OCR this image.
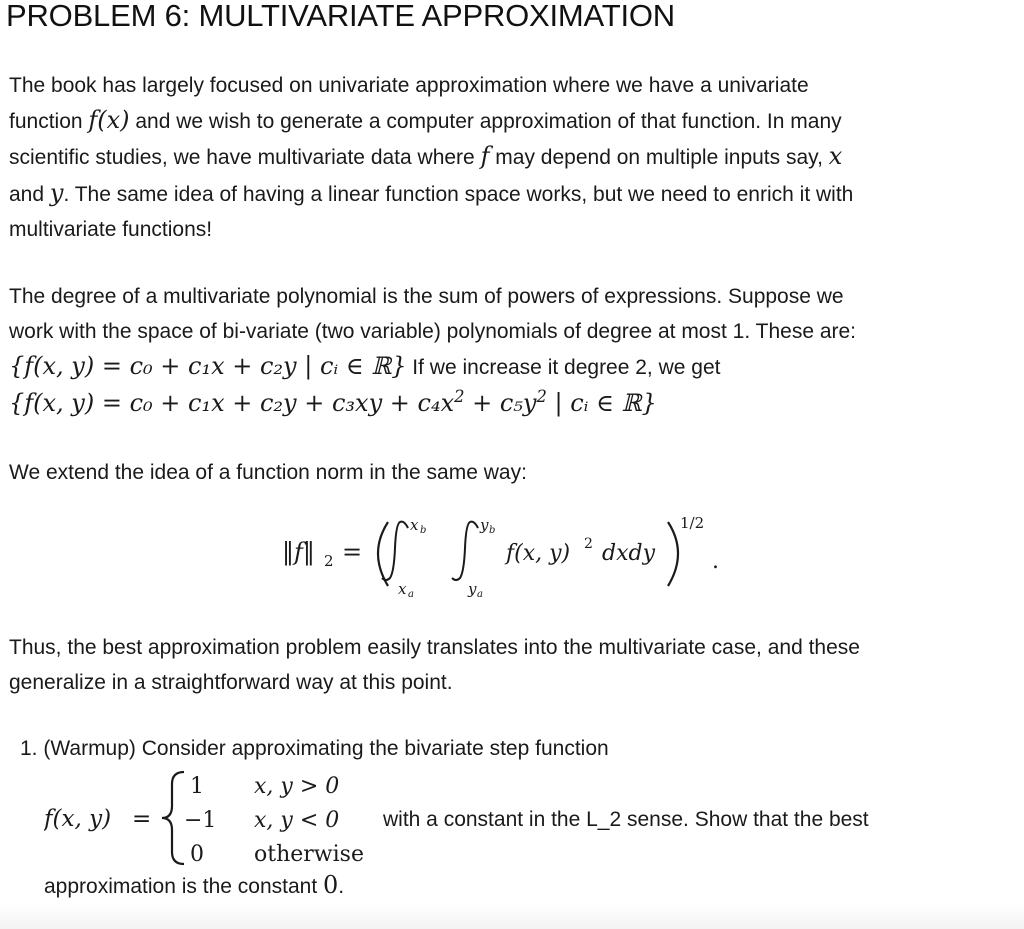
PROBLEM 6: MULTIVARIATE APPROXIMATION
The book has largely focused on univariate approximation where we have a univariate
function f(x) and we wish to generate a computer approximation of that function. In many
scientific studies, we have multivariate data where f may depend on multiple inputs say, x
and y. The same idea of having a linear function space works, but we need to enrich it with
multivariate functions!
The degree of a multivariate polynomial is the sum of powers of expressions. Suppose we
work with the space of bi-variate (two variable) polynomials of degree at most 1. These are:
{f(x, y) = c₀ + c₁x + c₂y | cᵢ ∈ ℝ} If we increase it degree 2, we get
{f(x, $y) = c_0 + c_1x + c_2y + c_3xy + c_4x^2 + c_5y^2$ | cᵢ ∈ ℝ}
We extend the idea of a function norm in the same way:
‖f‖ 2 =
x b
x a
y b
y a
f(x, y) 2 dxdy
1/2
.
Thus, the best approximation problem easily translates into the multivariate case, and these
generalize in a straightforward way at this point.
1. (Warmup) Consider approximating the bivariate step function
f(x, y) =
1 x, y > 0
−1 x, y < 0
0 otherwise
with a constant in the L_2 sense. Show that the best
approximation is the constant 0.
